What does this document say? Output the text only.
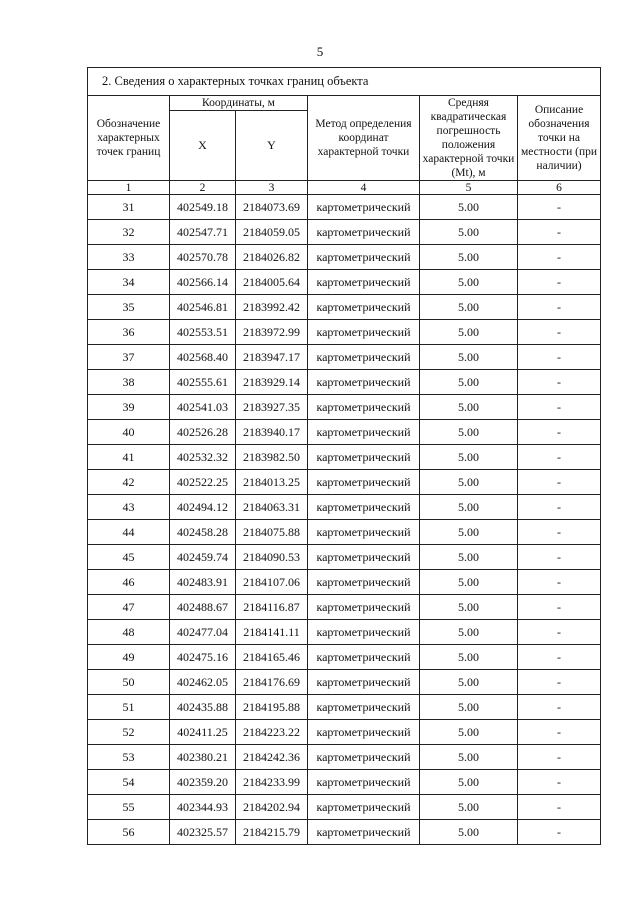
5
2. Сведения о характерных точках границ объекта					
Обозначение характерных точек границ	Координаты, м		Метод определения координат характерной точки	Средняя квадратическая погрешность положения характерной точки (Mt), м	Описание обозначения точки на местности (при наличии)
	X	Y			
1	2	3	4	5	6
31	402549.18	2184073.69	картометрический	5.00	-
32	402547.71	2184059.05	картометрический	5.00	-
33	402570.78	2184026.82	картометрический	5.00	-
34	402566.14	2184005.64	картометрический	5.00	-
35	402546.81	2183992.42	картометрический	5.00	-
36	402553.51	2183972.99	картометрический	5.00	-
37	402568.40	2183947.17	картометрический	5.00	-
38	402555.61	2183929.14	картометрический	5.00	-
39	402541.03	2183927.35	картометрический	5.00	-
40	402526.28	2183940.17	картометрический	5.00	-
41	402532.32	2183982.50	картометрический	5.00	-
42	402522.25	2184013.25	картометрический	5.00	-
43	402494.12	2184063.31	картометрический	5.00	-
44	402458.28	2184075.88	картометрический	5.00	-
45	402459.74	2184090.53	картометрический	5.00	-
46	402483.91	2184107.06	картометрический	5.00	-
47	402488.67	2184116.87	картометрический	5.00	-
48	402477.04	2184141.11	картометрический	5.00	-
49	402475.16	2184165.46	картометрический	5.00	-
50	402462.05	2184176.69	картометрический	5.00	-
51	402435.88	2184195.88	картометрический	5.00	-
52	402411.25	2184223.22	картометрический	5.00	-
53	402380.21	2184242.36	картометрический	5.00	-
54	402359.20	2184233.99	картометрический	5.00	-
55	402344.93	2184202.94	картометрический	5.00	-
56	402325.57	2184215.79	картометрический	5.00	-
